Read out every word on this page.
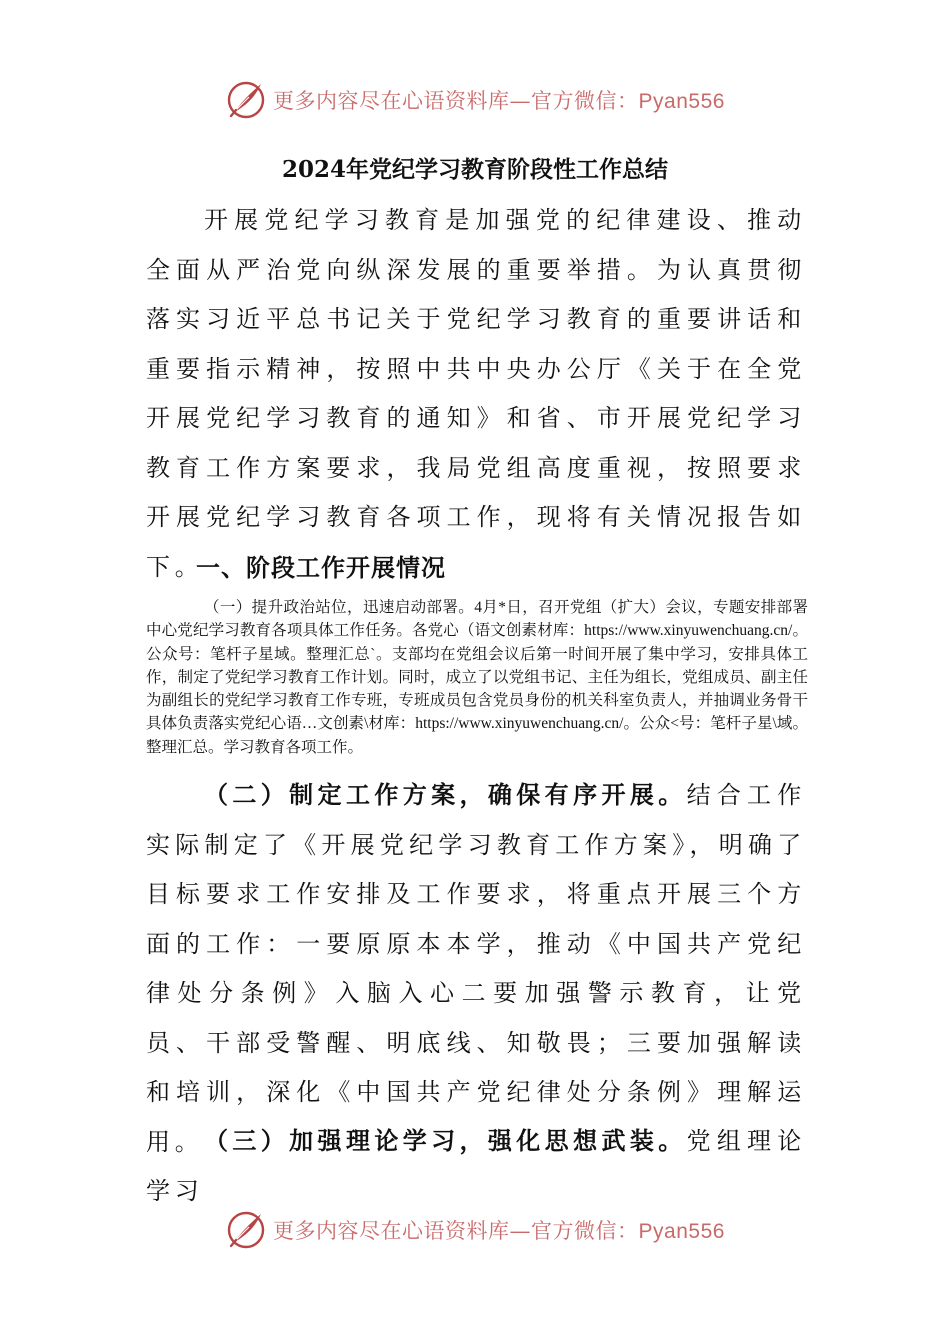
更多内容尽在心语资料库—官方微信：Pyan556
2024年党纪学习教育阶段性工作总结

开展党纪学习教育是加强党的纪律建设、推动全面从严治党向纵深发展的重要举措。为认真贯彻落实习近平总书记关于党纪学习教育的重要讲话和重要指示精神，按照中共中央办公厅《关于在全党开展党纪学习教育的通知》和省、市开展党纪学习教育工作方案要求，我局党组高度重视，按照要求开展党纪学习教育各项工作，现将有关情况报告如下。

一、阶段工作开展情况

（一）提升政治站位，迅速启动部署。4月*日，召开党组（扩大）会议，专题安排部署中心党纪学习教育各项具体工作任务。各党心（语文创素材库：https://www.xinyuwenchuang.cn/。公众号：笔杆子星域。整理汇总`。支部均在党组会议后第一时间开展了集中学习，安排具体工作，制定了党纪学习教育工作计划。同时，成立了以党组书记、主任为组长，党组成员、副主任为副组长的党纪学习教育工作专班，专班成员包含党员身份的机关科室负责人，并抽调业务骨干具体负责落实党纪心语…文创素\材库：https://www.xinyuwenchuang.cn/。公众<号：笔杆子星\域。整理汇总。学习教育各项工作。

（二）制定工作方案，确保有序开展。结合工作实际制定了《开展党纪学习教育工作方案》，明确了目标要求工作安排及工作要求，将重点开展三个方面的工作：一要原原本本学，推动《中国共产党纪律处分条例》入脑入心二要加强警示教育，让党员、干部受警醒、明底线、知敬畏；三要加强解读和培训，深化《中国共产党纪律处分条例》理解运用。 （三）加强理论学习，强化思想武装。党组理论学习

更多内容尽在心语资料库—官方微信：Pyan556
